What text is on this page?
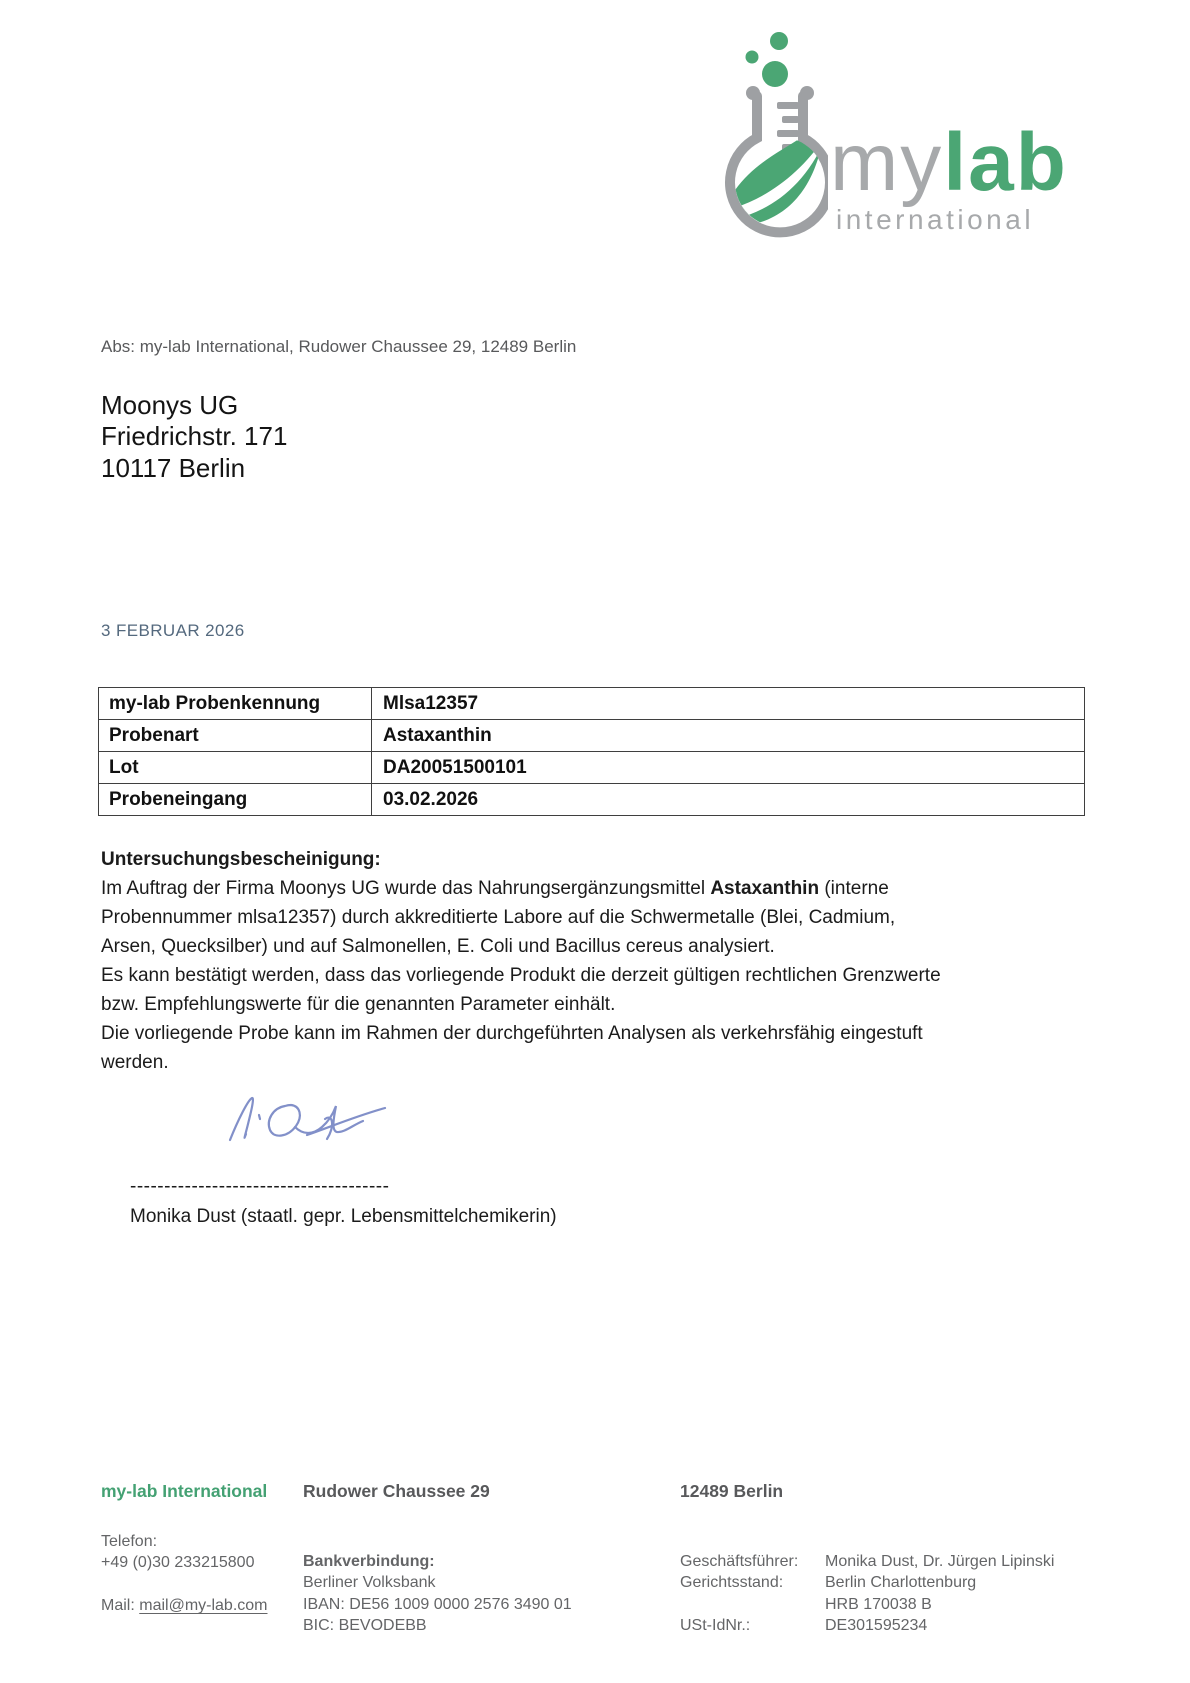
mylab
international
Abs: my-lab International, Rudower Chaussee 29, 12489 Berlin
Moonys UG
Friedrichstr. 171
10117 Berlin
3 FEBRUAR 2026
my-lab Probenkennung	Mlsa12357
Probenart	Astaxanthin
Lot	DA20051500101
Probeneingang	03.02.2026
Untersuchungsbescheinigung:
Im Auftrag der Firma Moonys UG wurde das Nahrungsergänzungsmittel Astaxanthin (interne
Probennummer mlsa12357) durch akkreditierte Labore auf die Schwermetalle (Blei, Cadmium,
Arsen, Quecksilber) und auf Salmonellen, E. Coli und Bacillus cereus analysiert.
Es kann bestätigt werden, dass das vorliegende Produkt die derzeit gültigen rechtlichen Grenzwerte
bzw. Empfehlungswerte für die genannten Parameter einhält.
Die vorliegende Probe kann im Rahmen der durchgeführten Analysen als verkehrsfähig eingestuft
werden.
--------------------------------------
Monika Dust (staatl. gepr. Lebensmittelchemikerin)
my-lab International Rudower Chaussee 29	12489 Berlin
Telefon:
+49 (0)30 233215800
Mail: mail@my-lab.com
Bankverbindung:
Berliner Volksbank
IBAN: DE56 1009 0000 2576 3490 01
BIC: BEVODEBB
Geschäftsführer:	Monika Dust, Dr. Jürgen Lipinski
Gerichtsstand:	Berlin Charlottenburg
HRB 170038 B
USt-IdNr.:	DE301595234
